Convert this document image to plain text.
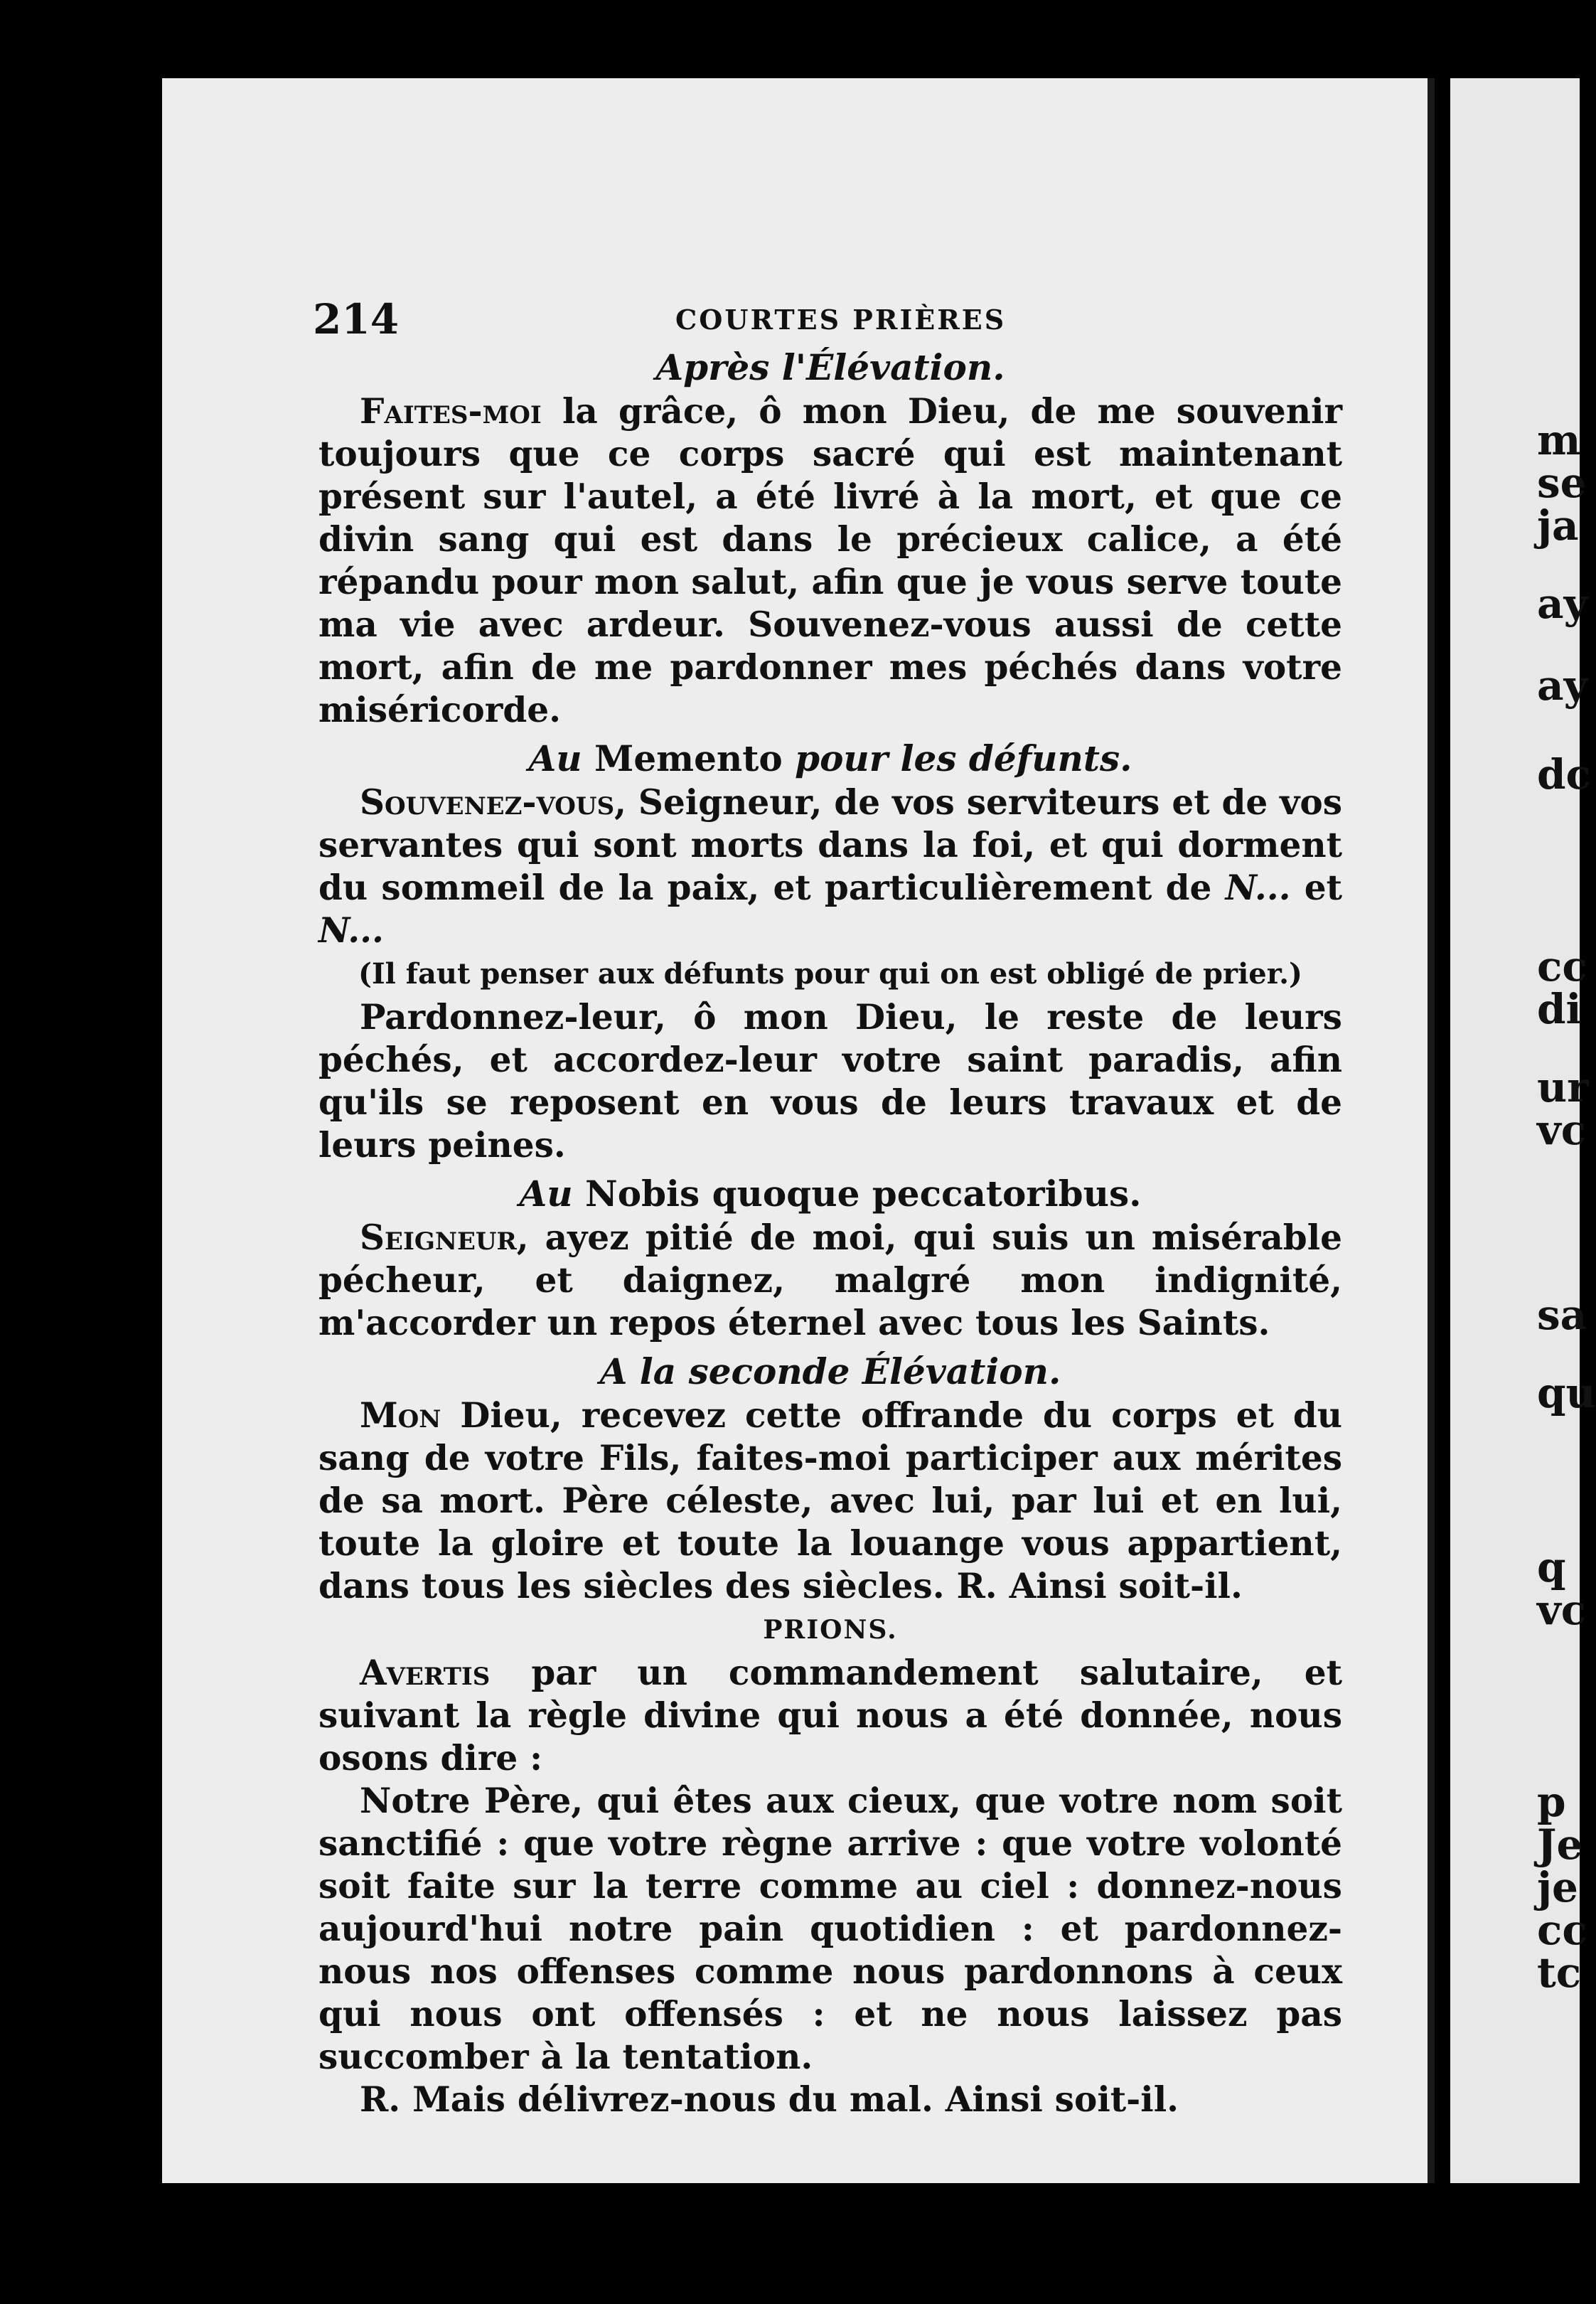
m
se
ja
ay
ay
dc
cc
di
ur
vc
sa
qu
q
vc
p
Je
je
cc
tc
214	COURTES PRIÈRES
Après l'Élévation.

Faites-moi la grâce, ô mon Dieu, de me souvenir toujours que ce corps sacré qui est maintenant présent sur l'autel, a été livré à la mort, et que ce divin sang qui est dans le précieux calice, a été répandu pour mon salut, afin que je vous serve toute ma vie avec ardeur. Souvenez-vous aussi de cette mort, afin de me pardonner mes péchés dans votre miséricorde.

Au Memento pour les défunts.

Souvenez-vous, Seigneur, de vos serviteurs et de vos servantes qui sont morts dans la foi, et qui dorment du sommeil de la paix, et particulièrement de N... et N...

(Il faut penser aux défunts pour qui on est obligé de prier.)

Pardonnez-leur, ô mon Dieu, le reste de leurs péchés, et accordez-leur votre saint paradis, afin qu'ils se reposent en vous de leurs travaux et de leurs peines.

Au Nobis quoque peccatoribus.

Seigneur, ayez pitié de moi, qui suis un misérable pécheur, et daignez, malgré mon indignité, m'accorder un repos éternel avec tous les Saints.

A la seconde Élévation.

Mon Dieu, recevez cette offrande du corps et du sang de votre Fils, faites-moi participer aux mérites de sa mort. Père céleste, avec lui, par lui et en lui, toute la gloire et toute la louange vous appartient, dans tous les siècles des siècles. R. Ainsi soit-il.

PRIONS.

Avertis par un commandement salutaire, et suivant la règle divine qui nous a été donnée, nous osons dire :

Notre Père, qui êtes aux cieux, que votre nom soit sanctifié : que votre règne arrive : que votre volonté soit faite sur la terre comme au ciel : donnez-nous aujourd'hui notre pain quotidien : et pardonnez-nous nos offenses comme nous pardonnons à ceux qui nous ont offensés : et ne nous laissez pas succomber à la tentation.

R. Mais délivrez-nous du mal. Ainsi soit-il.
